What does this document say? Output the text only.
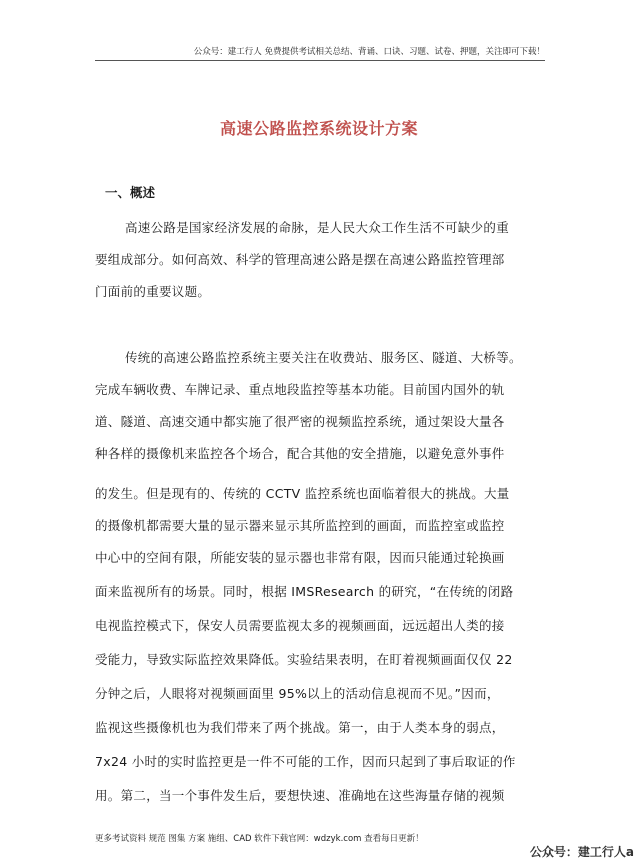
公众号：建工行人 免费提供考试相关总结、背诵、口诀、习题、试卷、押题，关注即可下载！
高速公路监控系统设计方案
一、概述
高速公路是国家经济发展的命脉，是人民大众工作生活不可缺少的重
要组成部分。如何高效、科学的管理高速公路是摆在高速公路监控管理部
门面前的重要议题。
传统的高速公路监控系统主要关注在收费站、服务区、隧道、大桥等。
完成车辆收费、车牌记录、重点地段监控等基本功能。目前国内国外的轨
道、隧道、高速交通中都实施了很严密的视频监控系统，通过架设大量各
种各样的摄像机来监控各个场合，配合其他的安全措施，以避免意外事件
的发生。但是现有的、传统的 CCTV 监控系统也面临着很大的挑战。大量
的摄像机都需要大量的显示器来显示其所监控到的画面，而监控室或监控
中心中的空间有限，所能安装的显示器也非常有限，因而只能通过轮换画
面来监视所有的场景。同时，根据 IMSResearch 的研究，“在传统的闭路
电视监控模式下，保安人员需要监视太多的视频画面，远远超出人类的接
受能力，导致实际监控效果降低。实验结果表明，在盯着视频画面仅仅 22
分钟之后，人眼将对视频画面里 95%以上的活动信息视而不见。”因而，
监视这些摄像机也为我们带来了两个挑战。第一，由于人类本身的弱点，
7x24 小时的实时监控更是一件不可能的工作，因而只起到了事后取证的作
用。第二，当一个事件发生后，要想快速、准确地在这些海量存储的视频
更多考试资料 规范 图集 方案 施组、CAD 软件下载官网：wdzyk.com 查看每日更新！
公众号：建工行人a
